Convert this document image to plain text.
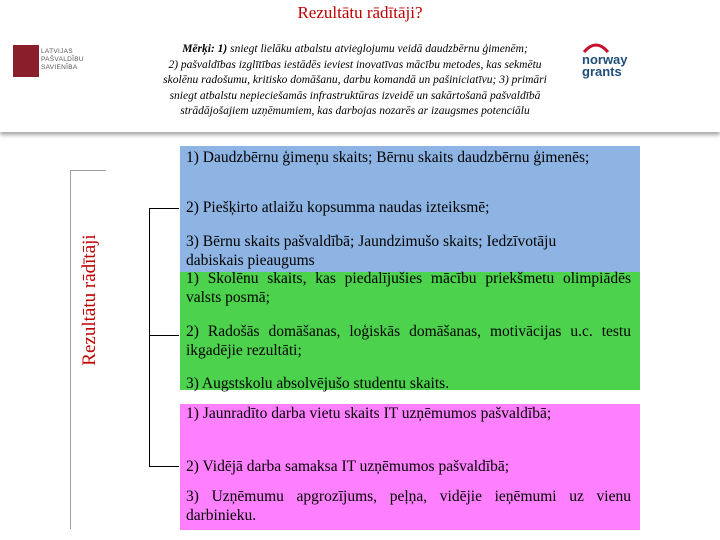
Rezultātu rādītāji?
LATVIJAS
PAŠVALDĪBU
SAVIENĪBA
Mērķi: 1) sniegt lielāku atbalstu atvieglojumu veidā daudzbērnu ģimenēm;
2) pašvaldības izglītības iestādēs ieviest inovatīvas mācību metodes, kas sekmētu
skolēnu radošumu, kritisko domāšanu, darbu komandā un pašiniciatīvu; 3) primāri
sniegt atbalstu nepieciešamās infrastruktūras izveidē un sakārtošanā pašvaldībā
strādājošajiem uzņēmumiem, kas darbojas nozarēs ar izaugsmes potenciālu
norway
grants
Rezultātu rādītāji
1) Daudzbērnu ģimeņu skaits; Bērnu skaits daudzbērnu ģimenēs;
2) Piešķirto atlaižu kopsumma naudas izteiksmē;
3) Bērnu skaits pašvaldībā; Jaundzimušo skaits; Iedzīvotāju dabiskais pieaugums
1) Skolēnu skaits, kas piedalījušies mācību priekšmetu olimpiādēs valsts posmā;
2) Radošās domāšanas, loģiskās domāšanas, motivācijas u.c. testu ikgadējie rezultāti;
3) Augstskolu absolvējušo studentu skaits.
1) Jaunradīto darba vietu skaits IT uzņēmumos pašvaldībā;
2) Vidējā darba samaksa IT uzņēmumos pašvaldībā;
3) Uzņēmumu apgrozījums, peļņa, vidējie ieņēmumi uz vienu darbinieku.
